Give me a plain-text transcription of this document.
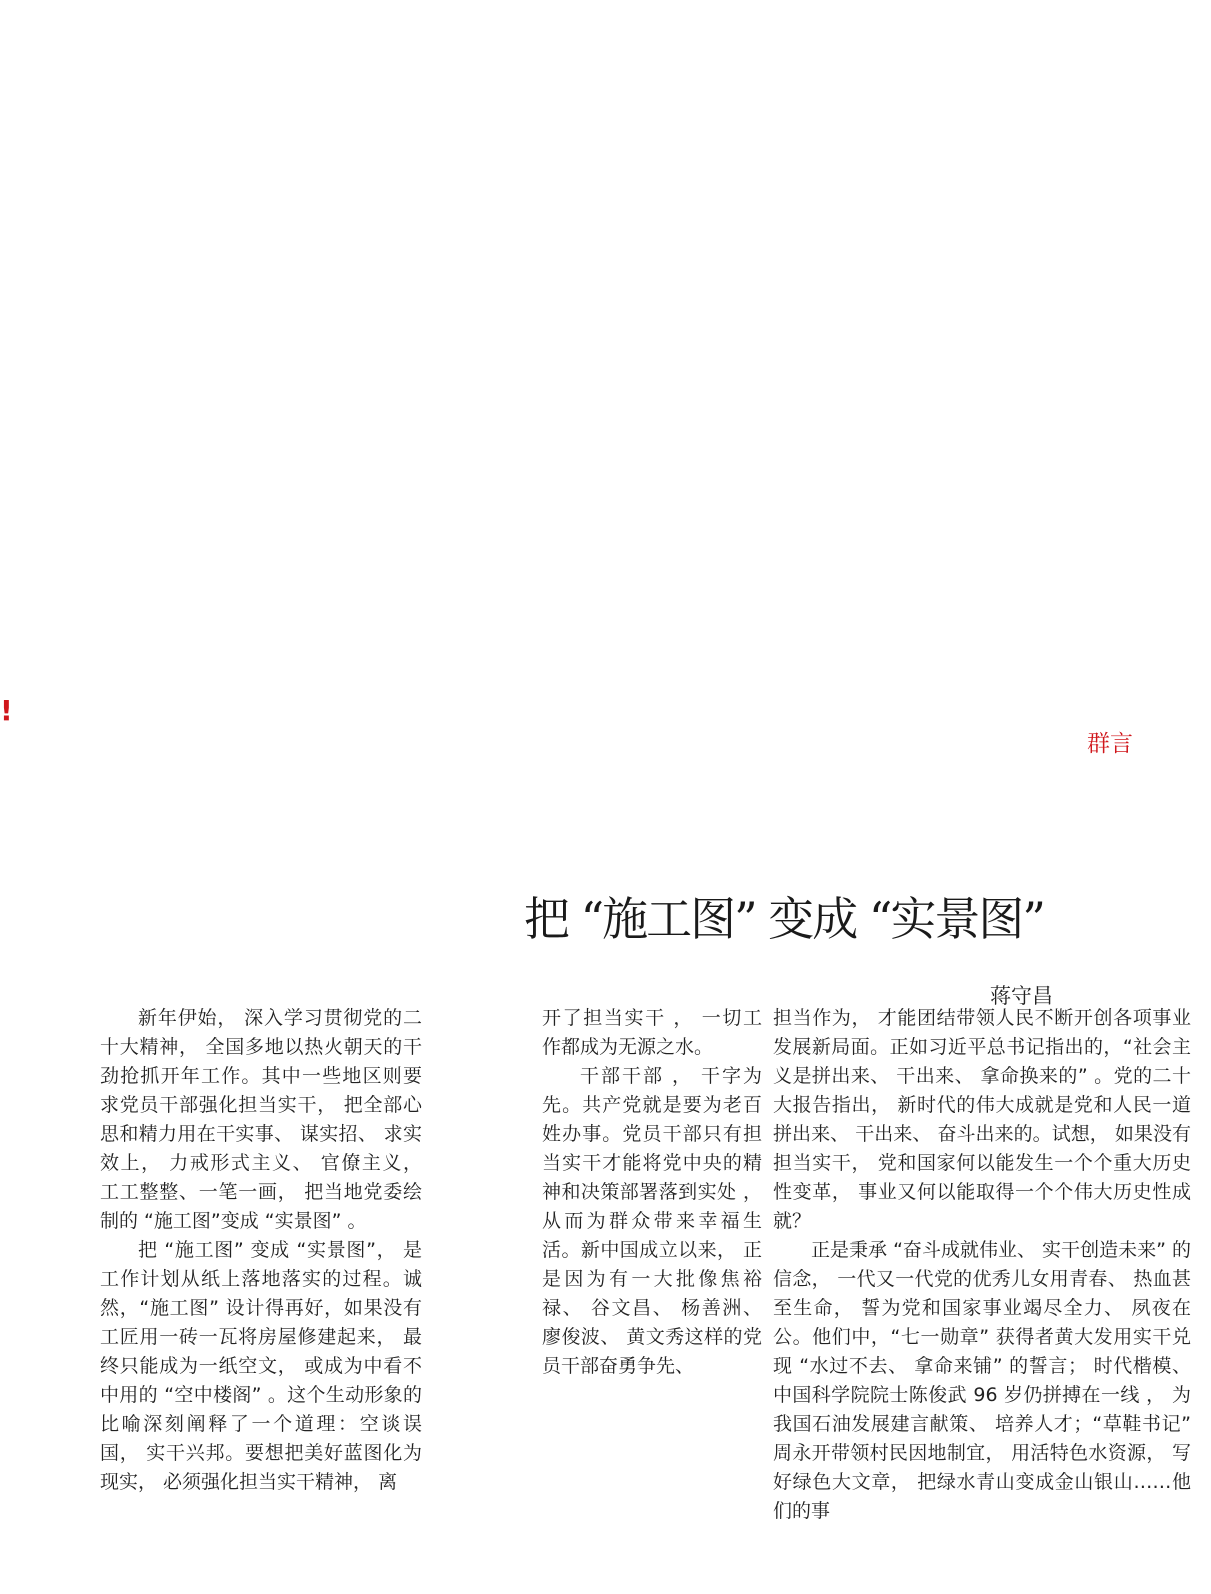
!
群言
把 “施工图” 变成 “实景图”
蒋守昌

新年伊始， 深入学习贯彻党的二十大精神， 全国多地以热火朝天的干劲抢抓开年工作。其中一些地区则要求党员干部强化担当实干， 把全部心思和精力用在干实事、 谋实招、 求实效上， 力戒形式主义、 官僚主义， 工工整整、一笔一画， 把当地党委绘制的 “施工图”变成 “实景图” 。

把 “施工图” 变成 “实景图”， 是工作计划从纸上落地落实的过程。诚然，“施工图” 设计得再好，如果没有工匠用一砖一瓦将房屋修建起来， 最终只能成为一纸空文， 或成为中看不中用的 “空中楼阁” 。这个生动形象的比喻深刻阐释了一个道理：空谈误国， 实干兴邦。要想把美好蓝图化为现实， 必须强化担当实干精神， 离

开了担当实干 ， 一切工作都成为无源之水。

干部干部 ， 干字为先。共产党就是要为老百姓办事。党员干部只有担当实干才能将党中央的精神和决策部署落到实处 ， 从而为群众带来幸福生活。新中国成立以来， 正是因为有一大批像焦裕禄、 谷文昌、 杨善洲、 廖俊波、 黄文秀这样的党员干部奋勇争先、

担当作为， 才能团结带领人民不断开创各项事业发展新局面。正如习近平总书记指出的，“社会主义是拼出来、 干出来、 拿命换来的” 。党的二十大报告指出， 新时代的伟大成就是党和人民一道拼出来、 干出来、 奋斗出来的。试想， 如果没有担当实干， 党和国家何以能发生一个个重大历史性变革， 事业又何以能取得一个个伟大历史性成就？

正是秉承 “奋斗成就伟业、 实干创造未来” 的信念， 一代又一代党的优秀儿女用青春、 热血甚至生命， 誓为党和国家事业竭尽全力、 夙夜在公。他们中，“七一勋章” 获得者黄大发用实干兑现 “水过不去、 拿命来铺” 的誓言； 时代楷模、 中国科学院院士陈俊武 96 岁仍拼搏在一线 ， 为我国石油发展建言献策、 培养人才；“草鞋书记” 周永开带领村民因地制宜， 用活特色水资源， 写好绿色大文章， 把绿水青山变成金山银山……他们的事
